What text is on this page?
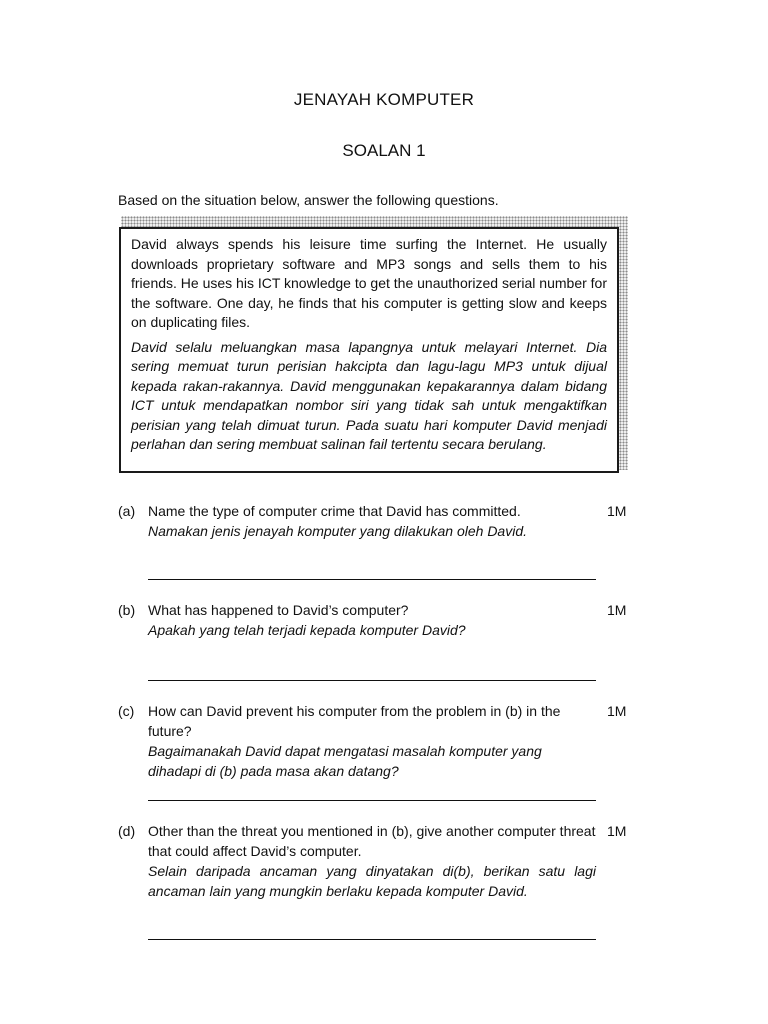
JENAYAH KOMPUTER
SOALAN 1
Based on the situation below, answer the following questions.

David always spends his leisure time surfing the Internet. He usually downloads proprietary software and MP3 songs and sells them to his friends. He uses his ICT knowledge to get the unauthorized serial number for the software. One day, he finds that his computer is getting slow and keeps on duplicating files.

David selalu meluangkan masa lapangnya untuk melayari Internet. Dia sering memuat turun perisian hakcipta dan lagu-lagu MP3 untuk dijual kepada rakan-rakannya. David menggunakan kepakarannya dalam bidang ICT untuk mendapatkan nombor siri yang tidak sah untuk mengaktifkan perisian yang telah dimuat turun. Pada suatu hari komputer David menjadi perlahan dan sering membuat salinan fail tertentu secara berulang.

(a) Name the type of computer crime that David has committed.

Namakan jenis jenayah komputer yang dilakukan oleh David.

1M
(b) What has happened to David’s computer?

Apakah yang telah terjadi kepada komputer David?

1M
(c) How can David prevent his computer from the problem in (b) in the future?

Bagaimanakah David dapat mengatasi masalah komputer yang dihadapi di (b) pada masa akan datang?

1M
(d) Other than the threat you mentioned in (b), give another computer threat that could affect David’s computer.

Selain daripada ancaman yang dinyatakan di(b), berikan satu lagi ancaman lain yang mungkin berlaku kepada komputer David.

1M
